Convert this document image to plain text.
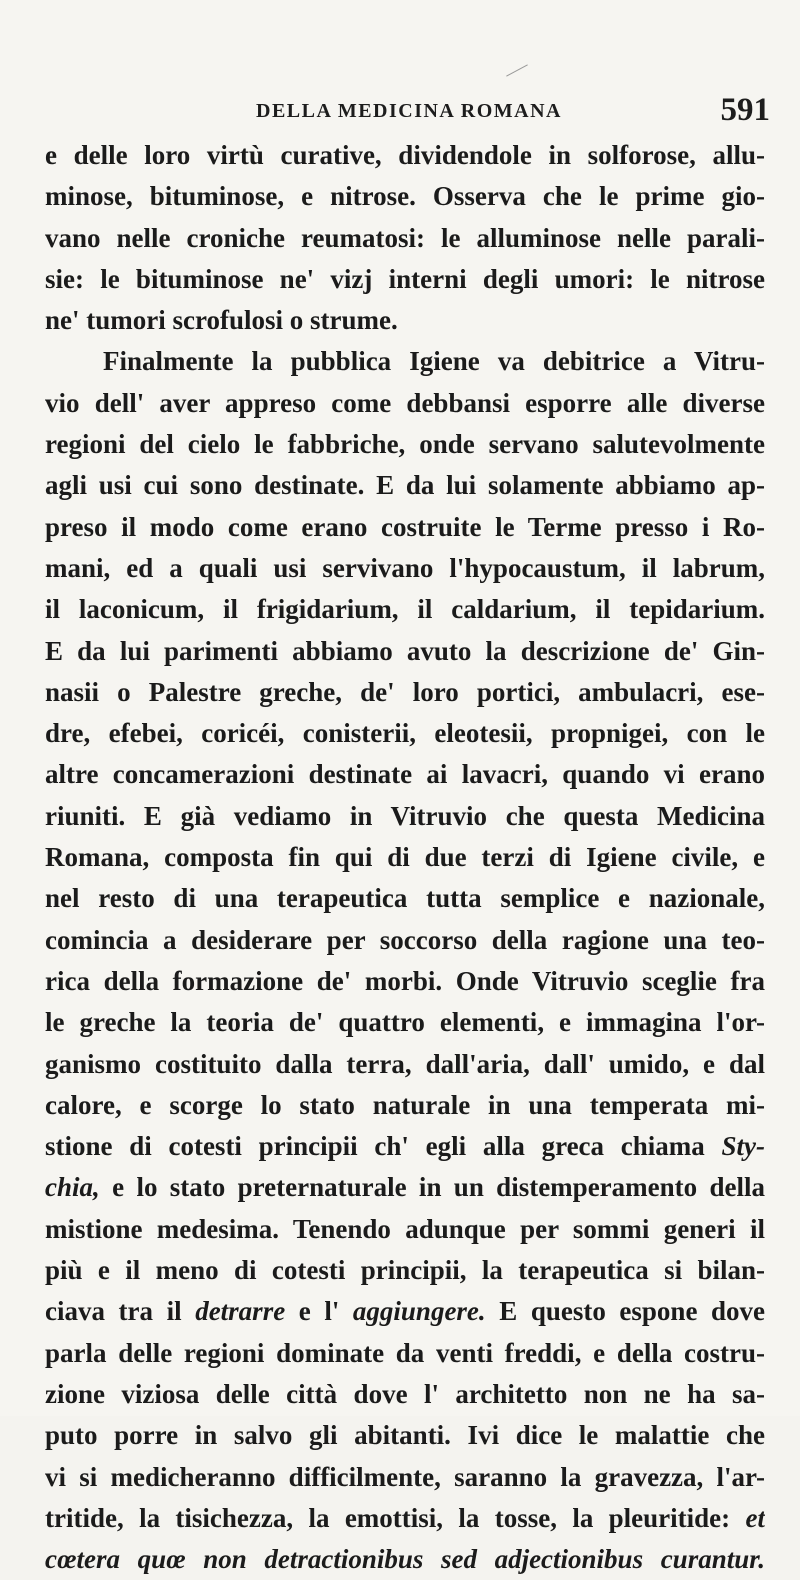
DELLA MEDICINA ROMANA	591
e delle loro virtù curative, dividendole in solforose, allu-
minose, bituminose, e nitrose. Osserva che le prime gio-
vano nelle croniche reumatosi: le alluminose nelle parali-
sie: le bituminose ne' vizj interni degli umori: le nitrose
ne' tumori scrofulosi o strume.
Finalmente la pubblica Igiene va debitrice a Vitru-
vio dell' aver appreso come debbansi esporre alle diverse
regioni del cielo le fabbriche, onde servano salutevolmente
agli usi cui sono destinate. E da lui solamente abbiamo ap-
preso il modo come erano costruite le Terme presso i Ro-
mani, ed a quali usi servivano l'hypocaustum, il labrum,
il laconicum, il frigidarium, il caldarium, il tepidarium.
E da lui parimenti abbiamo avuto la descrizione de' Gin-
nasii o Palestre greche, de' loro portici, ambulacri, ese-
dre, efebei, coricéi, conisterii, eleotesii, propnigei, con le
altre concamerazioni destinate ai lavacri, quando vi erano
riuniti. E già vediamo in Vitruvio che questa Medicina
Romana, composta fin qui di due terzi di Igiene civile, e
nel resto di una terapeutica tutta semplice e nazionale,
comincia a desiderare per soccorso della ragione una teo-
rica della formazione de' morbi. Onde Vitruvio sceglie fra
le greche la teoria de' quattro elementi, e immagina l'or-
ganismo costituito dalla terra, dall'aria, dall' umido, e dal
calore, e scorge lo stato naturale in una temperata mi-
stione di cotesti principii ch' egli alla greca chiama Sty-
chia, e lo stato preternaturale in un distemperamento della
mistione medesima. Tenendo adunque per sommi generi il
più e il meno di cotesti principii, la terapeutica si bilan-
ciava tra il detrarre e l' aggiungere. E questo espone dove
parla delle regioni dominate da venti freddi, e della costru-
zione viziosa delle città dove l' architetto non ne ha sa-
puto porre in salvo gli abitanti. Ivi dice le malattie che
vi si medicheranno difficilmente, saranno la gravezza, l'ar-
tritide, la tisichezza, la emottisi, la tosse, la pleuritide: et
cœtera quœ non detractionibus sed adjectionibus curantur.
